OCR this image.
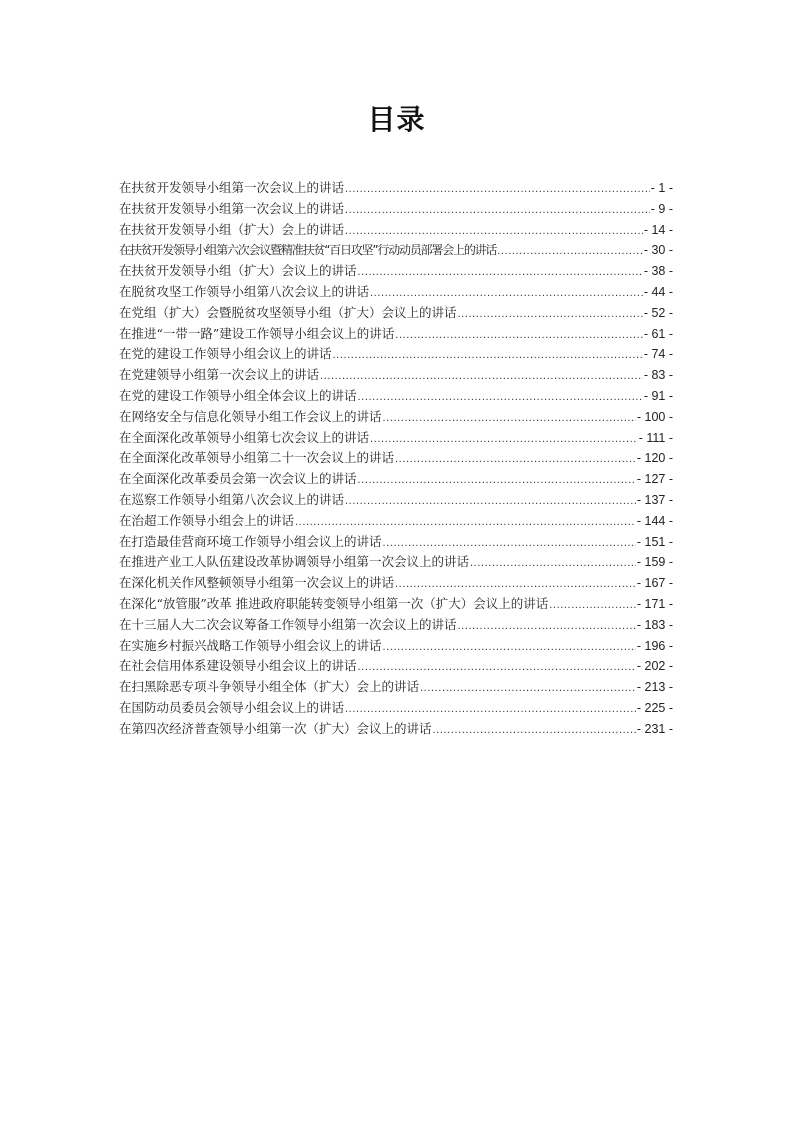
目录
在扶贫开发领导小组第一次会议上的讲话 .....	- 1 -
在扶贫开发领导小组第一次会议上的讲话 .....	- 9 -
在扶贫开发领导小组（扩大）会上的讲话 .....	- 14 -
在扶贫开发领导小组第六次会议暨精准扶贫“百日攻坚”行动动员部署会上的讲话 .....	- 30 -
在扶贫开发领导小组（扩大）会议上的讲话 .....	- 38 -
在脱贫攻坚工作领导小组第八次会议上的讲话 .....	- 44 -
在党组（扩大）会暨脱贫攻坚领导小组（扩大）会议上的讲话 .....	- 52 -
在推进“一带一路”建设工作领导小组会议上的讲话 .....	- 61 -
在党的建设工作领导小组会议上的讲话 .....	- 74 -
在党建领导小组第一次会议上的讲话 .....	- 83 -
在党的建设工作领导小组全体会议上的讲话 .....	- 91 -
在网络安全与信息化领导小组工作会议上的讲话 .....	- 100 -
在全面深化改革领导小组第七次会议上的讲话 .....	- 111 -
在全面深化改革领导小组第二十一次会议上的讲话 .....	- 120 -
在全面深化改革委员会第一次会议上的讲话 .....	- 127 -
在巡察工作领导小组第八次会议上的讲话 .....	- 137 -
在治超工作领导小组会上的讲话 .....	- 144 -
在打造最佳营商环境工作领导小组会议上的讲话 .....	- 151 -
在推进产业工人队伍建设改革协调领导小组第一次会议上的讲话 .....	- 159 -
在深化机关作风整顿领导小组第一次会议上的讲话 .....	- 167 -
在深化“放管服”改革 推进政府职能转变领导小组第一次（扩大）会议上的讲话 .....	- 171 -
在十三届人大二次会议筹备工作领导小组第一次会议上的讲话 .....	- 183 -
在实施乡村振兴战略工作领导小组会议上的讲话 .....	- 196 -
在社会信用体系建设领导小组会议上的讲话 .....	- 202 -
在扫黑除恶专项斗争领导小组全体（扩大）会上的讲话 .....	- 213 -
在国防动员委员会领导小组会议上的讲话 .....	- 225 -
在第四次经济普查领导小组第一次（扩大）会议上的讲话 .....	- 231 -
